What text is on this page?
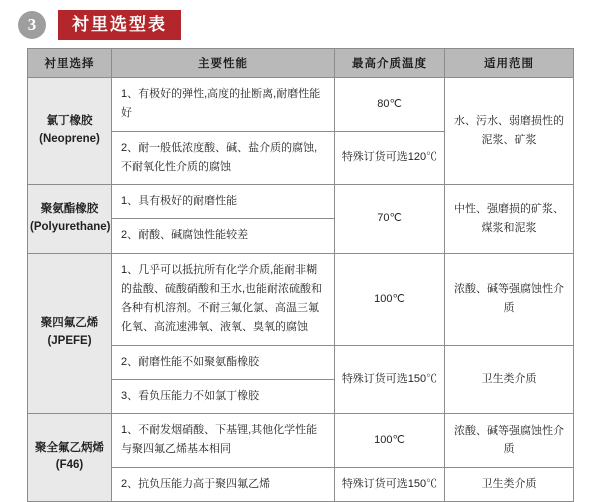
3	衬里选型表
衬里选择	主要性能	最高介质温度	适用范围

氯丁橡胶
(Neoprene)	1、有极好的弹性,高度的扯断离,耐磨性能好	80℃	水、污水、弱磨损性的泥浆、矿浆
	2、耐一般低浓度酸、碱、盐介质的腐蚀,不耐氧化性介质的腐蚀	特殊订货可选120℃	

聚氨酯橡胶
(Polyurethane)	1、具有极好的耐磨性能	70℃	中性、强磨损的矿浆、煤浆和泥浆
	2、耐酸、碱腐蚀性能较差		

聚四氟乙烯
(JPEFE)	1、几乎可以抵抗所有化学介质,能耐非糊的盐酸、硫酸硝酸和王水,也能耐浓硫酸和各种有机溶剂。不耐三氟化氯、高温三氟化氧、高流速沸氧、液氧、臭氧的腐蚀	100℃	浓酸、碱等强腐蚀性介质
	2、耐磨性能不如聚氨酯橡胶	特殊订货可选150℃	卫生类介质
	3、看负压能力不如氯丁橡胶		

聚全氟乙炳烯
(F46)	1、不耐发烟硝酸、下基锂,其他化学性能与聚四氟乙烯基本相同	100℃	浓酸、碱等强腐蚀性介质
	2、抗负压能力高于聚四氟乙烯	特殊订货可选150℃	卫生类介质
